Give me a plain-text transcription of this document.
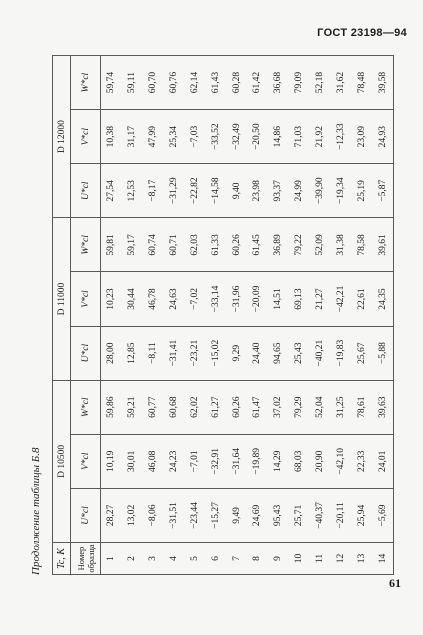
ГОСТ 23198—94
Продолжение таблицы Б.8 Tc, K	D 10500			D 11000			D 12000		
Номер образца	U*cl	V*cl	W*cl	U*cl	V*cl	W*cl	U*cl	V*cl	W*cl
1	28,27	10,19	59,86	28,00	10,23	59,81	27,54	10,38	59,74
2	13,02	30,01	59,21	12,85	30,44	59,17	12,53	31,17	59,11
3	−8,06	46,08	60,77	−8,11	46,78	60,74	−8,17	47,99	60,70
4	−31,51	24,23	60,68	−31,41	24,63	60,71	−31,29	25,34	60,76
5	−23,44	−7,01	62,02	−23,21	−7,02	62,03	−22,82	−7,03	62,14
6	−15,27	−32,91	61,27	−15,02	−33,14	61,33	−14,58	−33,52	61,43
7	9,49	−31,64	60,26	9,29	−31,96	60,26	9,40	−32,49	60,28
8	24,69	−19,89	61,47	24,40	−20,09	61,45	23,98	−20,50	61,42
9	95,43	14,29	37,02	94,65	14,51	36,89	93,37	14,86	36,68
10	25,71	68,03	79,29	25,43	69,13	79,22	24,99	71,03	79,09
11	−40,37	20,90	52,04	−40,21	21,27	52,09	−39,90	21,92	52,18
12	−20,11	−42,10	31,25	−19,83	−42,21	31,38	−19,34	−12,33	31,62
13	25,94	22,33	78,61	25,67	22,61	78,58	25,19	23,09	78,48
14	−5,69	24,01	39,63	−5,88	24,35	39,61	−5,87	24,93	39,58
61
